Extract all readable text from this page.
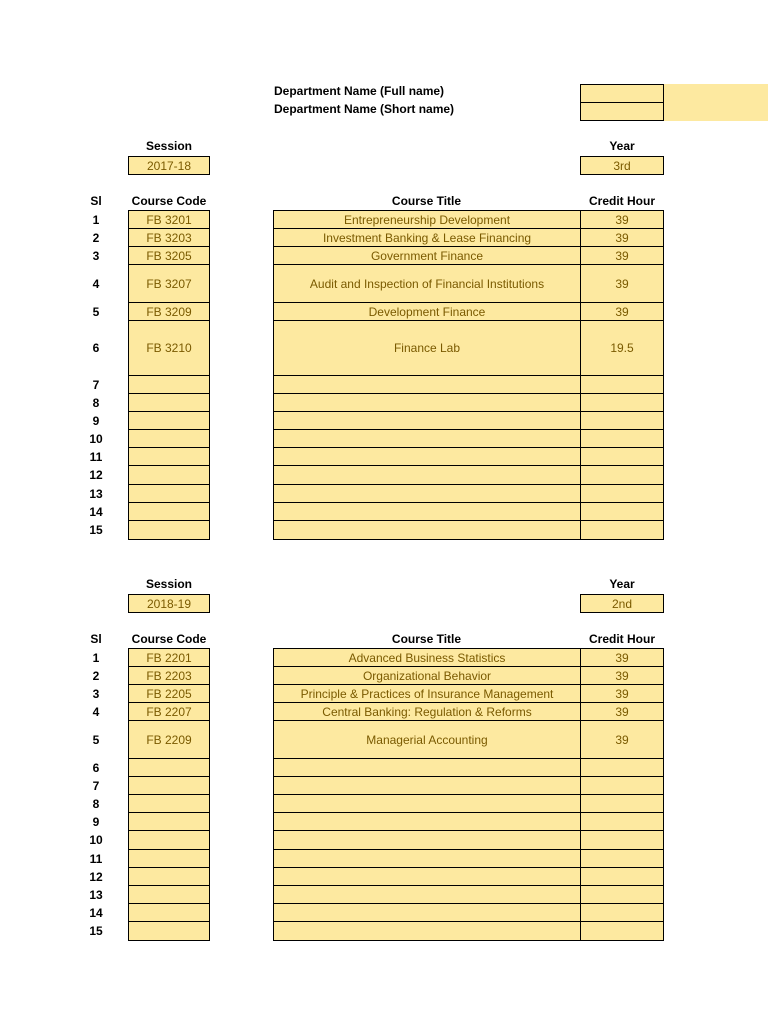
Department Name (Full name)
Department Name (Short name)
Session	Year
2017-18	3rd
Sl	Course Code	Course Title	Credit Hour
1	FB 3201	Entrepreneurship Development	39
2	FB 3203	Investment Banking & Lease Financing	39
3	FB 3205	Government Finance	39
4	FB 3207	Audit and Inspection of Financial Institutions	39
5	FB 3209	Development Finance	39
6	FB 3210	Finance Lab	19.5
7
8
9
10
11
12
13
14
15
Session	Year
2018-19	2nd
Sl	Course Code	Course Title	Credit Hour
1	FB 2201	Advanced Business Statistics	39
2	FB 2203	Organizational Behavior	39
3	FB 2205	Principle & Practices of Insurance Management	39
4	FB 2207	Central Banking: Regulation & Reforms	39
5	FB 2209	Managerial Accounting	39
6
7
8
9
10
11
12
13
14
15
